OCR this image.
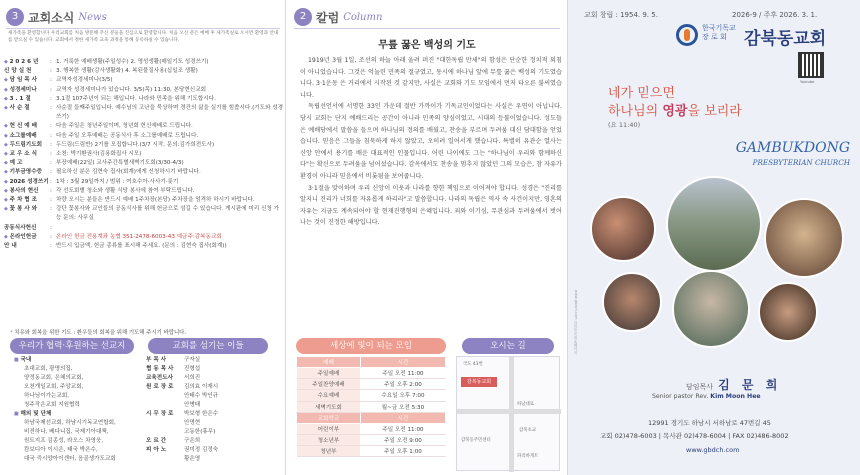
3 교회소식 News
새가족을 환영합니다 우리교회를 처음 방문해 주신 분들을 진심으로 환영합니다. 처음 오신 분은 예배 후 새가족실로 오시면 환영과 안내를 받으실 수 있습니다. 교회에서 정한 새가족 교육 과정을 통해 등록하실 수 있습니다.
◆ 2 0 2 6 년	: 1. 거룩한 예배생활(주일성수) 2. 영성생활(매일기도 성경쓰기)
신 앙 실 천	: 3. 행복한 생활(감사생활화) 4. 복된물질사용(십일조 생활)
◆ 담 임 목 사	: 교역자성경세미나(3/5)
◆ 성경세미나	: 교역자 성경세미나가 있습니다. 3/5(목) 11:30, 본당현신교회
◆ 3 . 1 절	: 3.1절 107주년이 되는 해입니다. 나라와 민족을 위해 기도합시다.
◆ 사 순 절	: 사순절 들째주일입니다. 예수님의 고난을 묵상하며 경건의 삶을 실기를 힘씁시다.(기도와 성경쓰기)
◆ 헌 신 예 배	: 다음 주일은 청년주일이며, 청년회 헌신예배로 드립니다.
◆ 소그룹예배	: 다음 주일 오후예배는 공동식사 후 소그룹예배로 드립니다.
◆ 두드림기도회	: 두드림(드림반) 2기를 모집합니다.(3/7 시작, 문의:김가희전도사)
◆ 교 우 소 식	: 소천: 박기환권사(김용화집사 시모)
◆ 예 고	: 부장예배(22일) 교사주간특별새벽기도회(3/30-4/3)
◆ 기부금영수증	: 필요하신 분은 김현숙 집사(회계)에게 신청하시기 바랍니다.
◆ 2026 성경쓰기 : 1차 : 3월 29일까지 / 범위 : 여호수아·사사기·룻기
◆ 봉사의 현신	: 각 선도회별 청소와 생활 식당 봉사에 참여 부탁드립니다.
◆ 주 차 협 조	: 차량 오시는 분들은 반드시 예배 1주차장(본당) 주차장을 엄격하 하시기 바랍니다.
◆ 꽃 봉 사 와	: 강단 꽃봉사와 교인들의 공동식사를 위해 헌금으로 섬길 수 있습니다. 게시판에 미리 신청 가능 문의: 사무실
공동식사헌신	:
◆ 온라인헌금	: 온라인 헌금 전용계좌 농협 351-2478-6003-43 예금주:감복동교회
안 내	: 반드시 입금액, 헌금 종류를 표시해 주세요. (문의 : 김현숙 집사(회계))
* 치유와 회복을 위한 기도 : 환우들의 회복을 위해 기도해 주시기 바랍니다.
우리가 협력·후원하는 선교지
■ 국내
초대교회, 광명의집,
양정동교회, 은혜의교회,
오천개일교회, 주앙교회,
하나님이가는교회,
청주작은교회 지원협력
■ 해외 및 단체
하남국제선교회, 하남시기독교연합회,
비젼하나, 베다니집, 국제기아대책,
원트지프 김종성, 라오스 차영웅,
캄보디아 이시은, 태국 박은수,
대국 즉시양아이센터, 음골생가도교회
교회를 섬기는 이들
부 목 사	구자실
협 동 목 사	진형섭
교육전도사	서희진
원 로 장 로	김의효 이재시
안태수 박인규
안병태
시 무 장 로	박보형 한은수
안명현
고동한(휴무)
오 르 간	구은희
피 아 노	권미정 김정숙
황은영
2 칼럼 Column
무릎 꿇은 백성의 기도

1919년 3월 1일, 조선의 하늘 아래 울려 퍼진 "대한독립 만세"의 함성은 단순한 정치적 외침이 아니었습니다. 그것은 억눌린 민족의 절규였고, 동시에 하나님 앞에 무릎 꿇은 백성의 기도였습니다. 3·1운동 은 거리에서 시작된 것 같지만, 사실은 교회와 기도 모임에서 먼저 타오른 불씨였습니다.

독립선언서에 서명한 33인 가운데 절반 가까이가 기독교인이었다는 사실은 우연이 아닙니다. 당시 교회는 단지 예배드리는 공간이 아니라 민족의 양심이었고, 시대의 등불이었습니다. 성도들은 예배당에서 말씀을 들으며 하나님의 정의를 배웠고, 찬송을 부르며 두려움 대신 담대함을 얻었습니다. 믿음은 그들을 침묵하게 하지 않았고, 오히려 일어서게 했습니다. 특별히 유관순 열사는 신앙 안에서 용기를 배운 대표적인 인물입니다. 어린 나이에도 그는 "하나님이 우리와 함께하신다"는 확신으로 두려움을 넘어섰습니다. 감옥에서도 찬송을 멈추지 않았던 그의 모습은, 참 자유가 환경이 아니라 믿음에서 비롯됨을 보여줍니다.

3·1절을 맞이하며 우리 신앙이 이웃과 나라를 향한 책임으로 이어져야 합니다. 성경은 "진리를 알지니 진리가 너희를 자유롭게 하리라"고 말씀합니다. 나라의 독립은 역사 속 사건이지만, 영혼의 자유는 지금도 계속되어야 할 현재진행형의 은혜입니다. 죄와 이기심, 무관심과 두려움에서 벗어나는 것이 진정한 해방입니다.

세상에 빛이 되는 모임
예배	시간
주일예배	주일 오전 11:00
주일찬양예배	주일 오후 2:00
수요예배	수요일 오후 7:00
새벽기도회	월~금 오전 5:30
교회학교	시간
어린이부	주일 오전 11:00
청소년부	주일 오전 9:00
청년부	주일 오후 1:00
오시는 길
감복동교회
하남대로
국도 43번
감북초교
감북동주민센터
파리바게트
교회 창립 : 1954. 9. 5.	2026-9 / 주후 2026. 3. 1.
한국기독교
장 로 회	감북동교회
Youtube
네가 믿으면
하나님의 영광을 보리라
(요 11:40)
GAMBUKDONG
PRESBYTERIAN CHURCH
www.gbdch.com 감북동교회 홈페이지
담임목사 김 문 희
Senior pastor Rev. Kim Moon Hee
12991 경기도 하남시 서하남로 47번길 45
교회 02)478-6003 | 목사관 02)478-6004 | FAX 02)486-8002
www.gbdch.com
